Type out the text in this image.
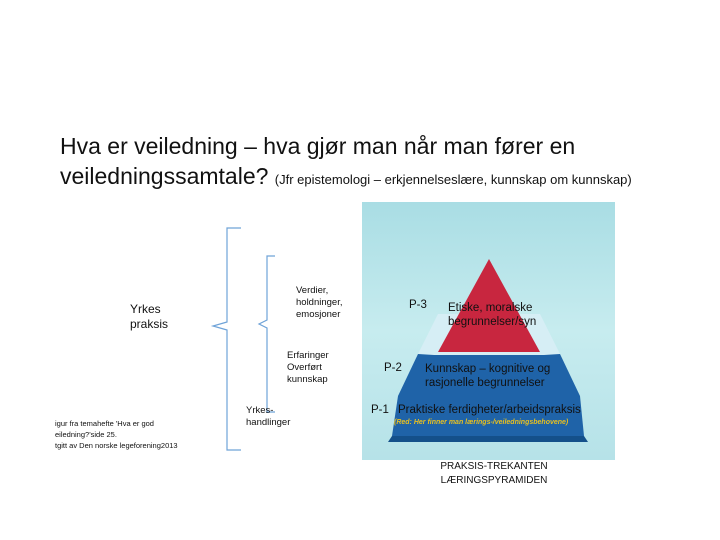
Hva er veiledning – hva gjør man når man fører en
veiledningssamtale? (Jfr epistemologi – erkjennelseslære, kunnskap om kunnskap)
Yrkes
praksis
Verdier,
holdninger,
emosjoner
Erfaringer
Overført
kunnskap
Yrkes-
handlinger
igur fra temahefte 'Hva er god
eiledning?'side 25.
tgitt av Den norske legeforening2013
P-3 Etiske, moralske
begrunnelser/syn
P-2 Kunnskap – kognitive og
rasjonelle begrunnelser
P-1 Praktiske ferdigheter/arbeidspraksis
(Red: Her finner man lærings-/veiledningsbehovene)
PRAKSIS-TREKANTEN
LÆRINGSPYRAMIDEN
